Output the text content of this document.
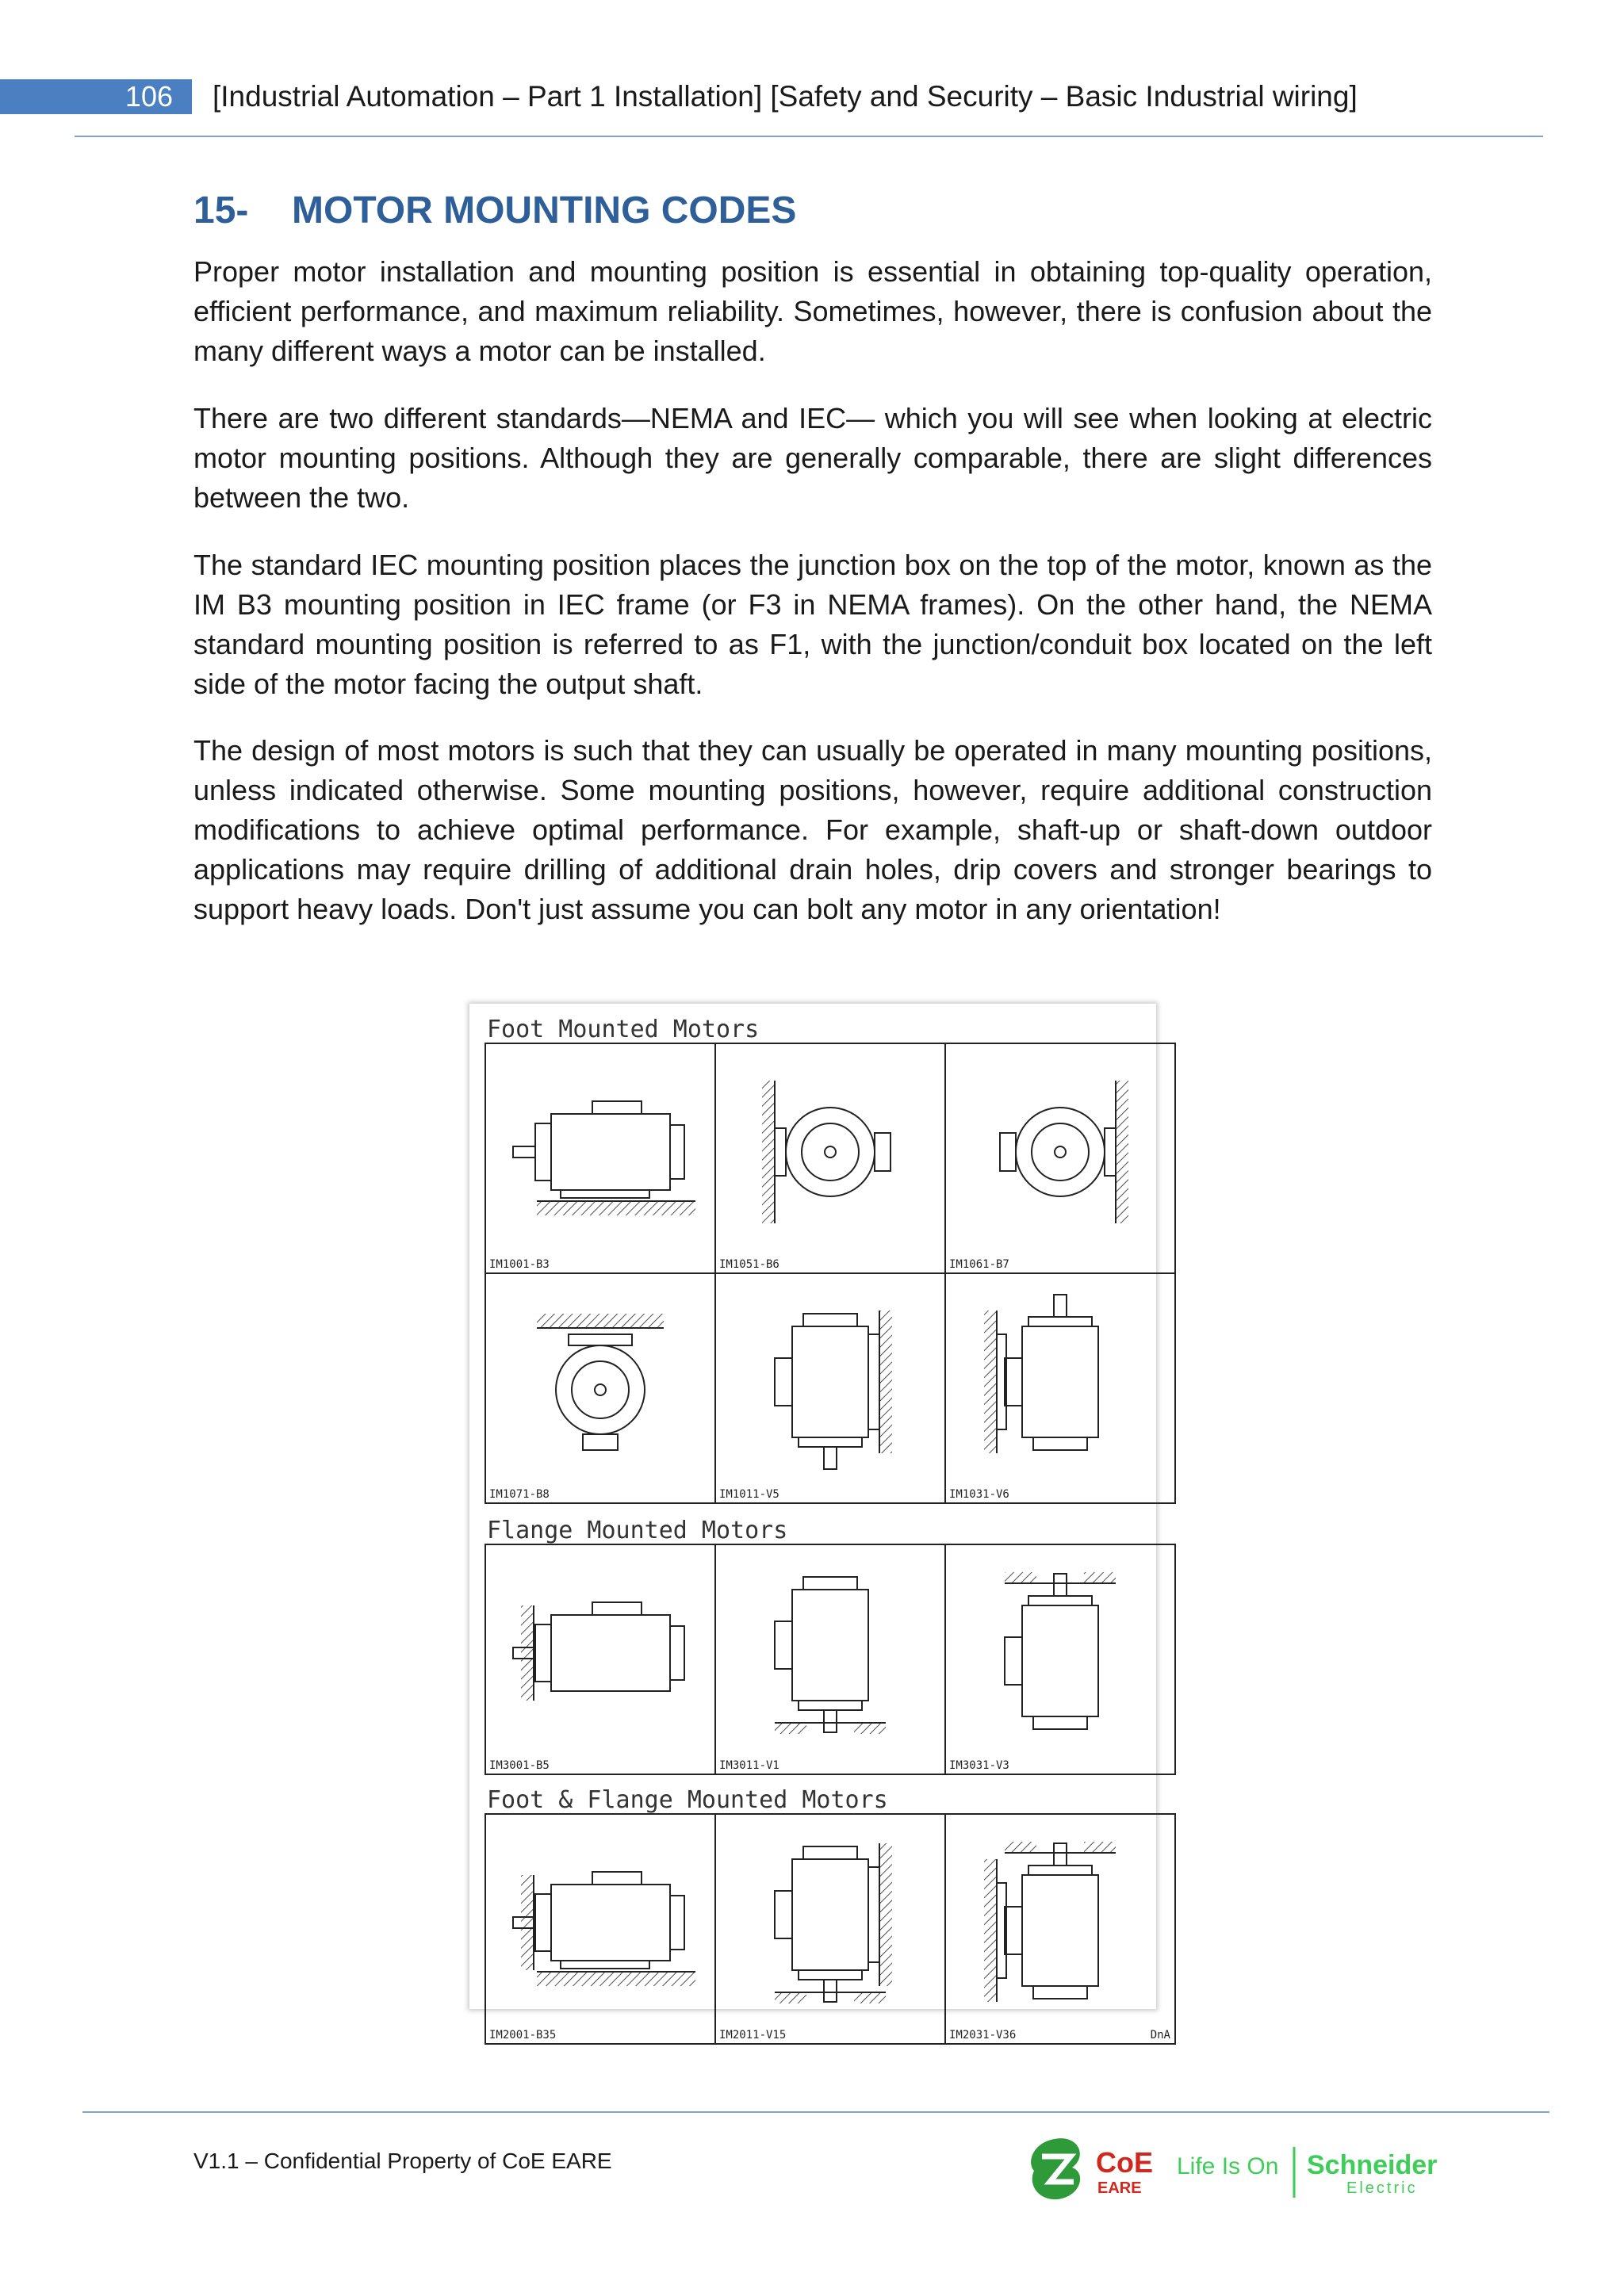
106	[Industrial Automation – Part 1 Installation] [Safety and Security – Basic Industrial wiring]
15- MOTOR MOUNTING CODES

Proper motor installation and mounting position is essential in obtaining top-quality operation, efficient performance, and maximum reliability. Sometimes, however, there is confusion about the many different ways a motor can be installed.

There are two different standards—NEMA and IEC— which you will see when looking at electric motor mounting positions. Although they are generally comparable, there are slight differences between the two.

The standard IEC mounting position places the junction box on the top of the motor, known as the IM B3 mounting position in IEC frame (or F3 in NEMA frames). On the other hand, the NEMA standard mounting position is referred to as F1, with the junction/conduit box located on the left side of the motor facing the output shaft.

The design of most motors is such that they can usually be operated in many mounting positions, unless indicated otherwise. Some mounting positions, however, require additional construction modifications to achieve optimal performance. For example, shaft-up or shaft-down outdoor applications may require drilling of additional drain holes, drip covers and stronger bearings to support heavy loads. Don't just assume you can bolt any motor in any orientation!

Foot Mounted Motors
IM1001-B3	IM1051-B6	IM1061-B7
IM1071-B8	IM1011-V5	IM1031-V6
Flange Mounted Motors
IM3001-B5	IM3011-V1	IM3031-V3
Foot & Flange Mounted Motors
IM2001-B35	IM2011-V15	IM2031-V36	DnA
V1.1 – Confidential Property of CoE EARE	CoE
EARE
Life Is On Schneider
Electric
